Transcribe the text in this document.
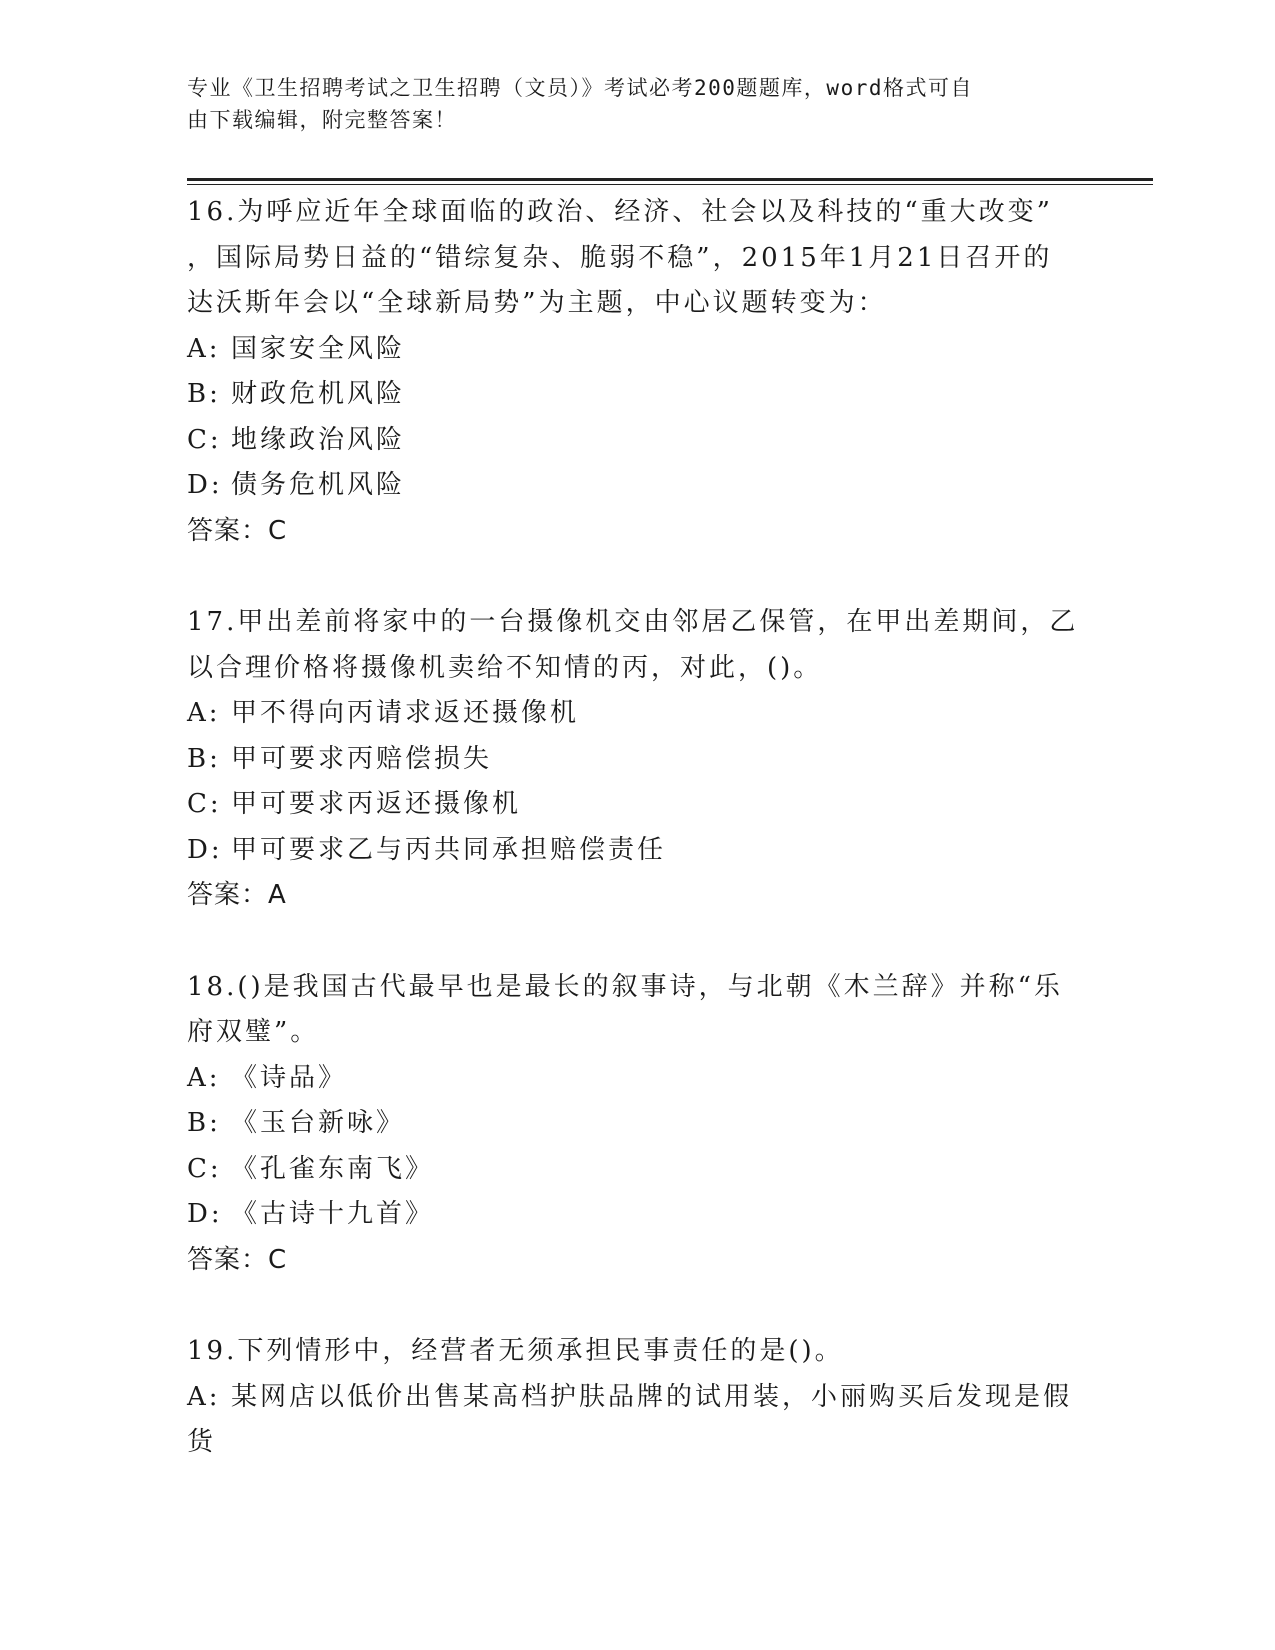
专业《卫生招聘考试之卫生招聘（文员）》考试必考200题题库，word格式可自
由下载编辑，附完整答案！
16.为呼应近年全球面临的政治、经济、社会以及科技的“重大改变”
，国际局势日益的“错综复杂、脆弱不稳”，2015年1月21日召开的
达沃斯年会以“全球新局势”为主题，中心议题转变为：
A: 国家安全风险
B: 财政危机风险
C: 地缘政治风险
D: 债务危机风险
答案：C
17.甲出差前将家中的一台摄像机交由邻居乙保管，在甲出差期间，乙
以合理价格将摄像机卖给不知情的丙，对此，()。
A: 甲不得向丙请求返还摄像机
B: 甲可要求丙赔偿损失
C: 甲可要求丙返还摄像机
D: 甲可要求乙与丙共同承担赔偿责任
答案：A
18.()是我国古代最早也是最长的叙事诗，与北朝《木兰辞》并称“乐
府双璧”。
A: 《诗品》
B: 《玉台新咏》
C: 《孔雀东南飞》
D: 《古诗十九首》
答案：C
19.下列情形中，经营者无须承担民事责任的是()。
A: 某网店以低价出售某高档护肤品牌的试用装，小丽购买后发现是假
货
